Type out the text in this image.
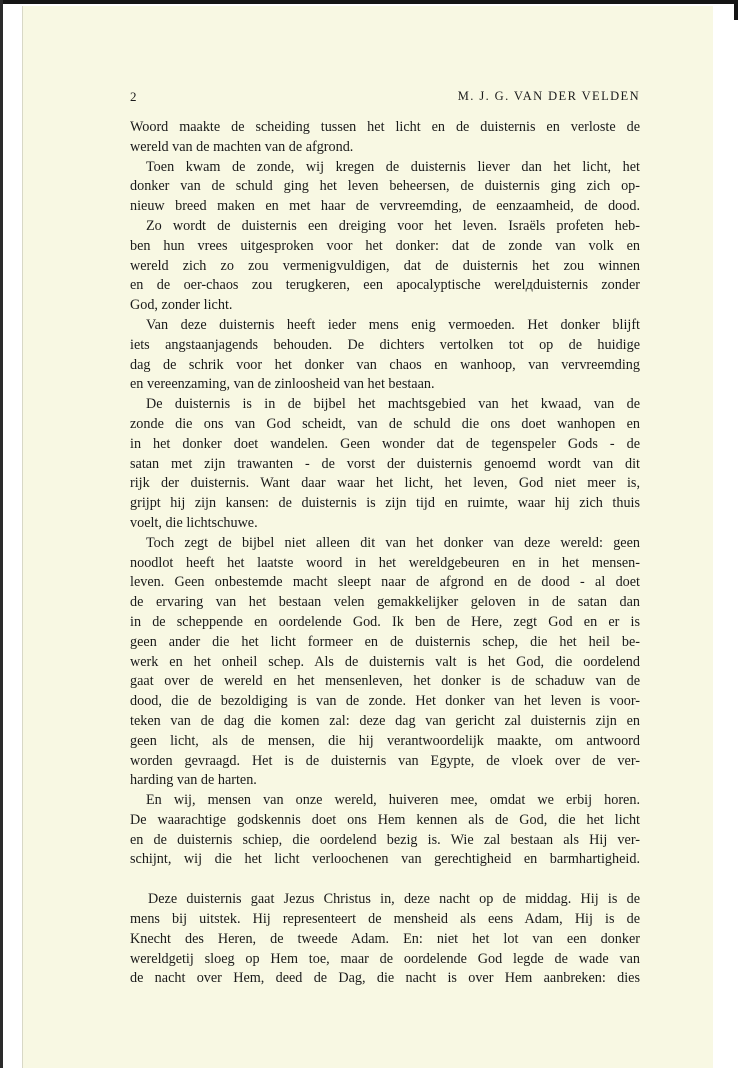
2	M. J. G. VAN DER VELDEN
Woord maakte de scheiding tussen het licht en de duisternis en verloste de
wereld van de machten van de afgrond.
Toen kwam de zonde, wij kregen de duisternis liever dan het licht, het
donker van de schuld ging het leven beheersen, de duisternis ging zich op-
nieuw breed maken en met haar de vervreemding, de eenzaamheid, de dood.
Zo wordt de duisternis een dreiging voor het leven. Israëls profeten heb-
ben hun vrees uitgesproken voor het donker: dat de zonde van volk en
wereld zich zo zou vermenigvuldigen, dat de duisternis het zou winnen
en de oer-chaos zou terugkeren, een apocalyptische werelдduisternis zonder
God, zonder licht.
Van deze duisternis heeft ieder mens enig vermoeden. Het donker blijft
iets angstaanjagends behouden. De dichters vertolken tot op de huidige
dag de schrik voor het donker van chaos en wanhoop, van vervreemding
en vereenzaming, van de zinloosheid van het bestaan.
De duisternis is in de bijbel het machtsgebied van het kwaad, van de
zonde die ons van God scheidt, van de schuld die ons doet wanhopen en
in het donker doet wandelen. Geen wonder dat de tegenspeler Gods - de
satan met zijn trawanten - de vorst der duisternis genoemd wordt van dit
rijk der duisternis. Want daar waar het licht, het leven, God niet meer is,
grijpt hij zijn kansen: de duisternis is zijn tijd en ruimte, waar hij zich thuis
voelt, die lichtschuwe.
Toch zegt de bijbel niet alleen dit van het donker van deze wereld: geen
noodlot heeft het laatste woord in het wereldgebeuren en in het mensen-
leven. Geen onbestemde macht sleept naar de afgrond en de dood - al doet
de ervaring van het bestaan velen gemakkelijker geloven in de satan dan
in de scheppende en oordelende God. Ik ben de Here, zegt God en er is
geen ander die het licht formeer en de duisternis schep, die het heil be-
werk en het onheil schep. Als de duisternis valt is het God, die oordelend
gaat over de wereld en het mensenleven, het donker is de schaduw van de
dood, die de bezoldiging is van de zonde. Het donker van het leven is voor-
teken van de dag die komen zal: deze dag van gericht zal duisternis zijn en
geen licht, als de mensen, die hij verantwoordelijk maakte, om antwoord
worden gevraagd. Het is de duisternis van Egypte, de vloek over de ver-
harding van de harten.
En wij, mensen van onze wereld, huiveren mee, omdat we erbij horen.
De waarachtige godskennis doet ons Hem kennen als de God, die het licht
en de duisternis schiep, die oordelend bezig is. Wie zal bestaan als Hij ver-
schijnt, wij die het licht verloochenen van gerechtigheid en barmhartigheid.
Deze duisternis gaat Jezus Christus in, deze nacht op de middag. Hij is de
mens bij uitstek. Hij representeert de mensheid als eens Adam, Hij is de
Knecht des Heren, de tweede Adam. En: niet het lot van een donker
wereldgetij sloeg op Hem toe, maar de oordelende God legde de wade van
de nacht over Hem, deed de Dag, die nacht is over Hem aanbreken: dies
